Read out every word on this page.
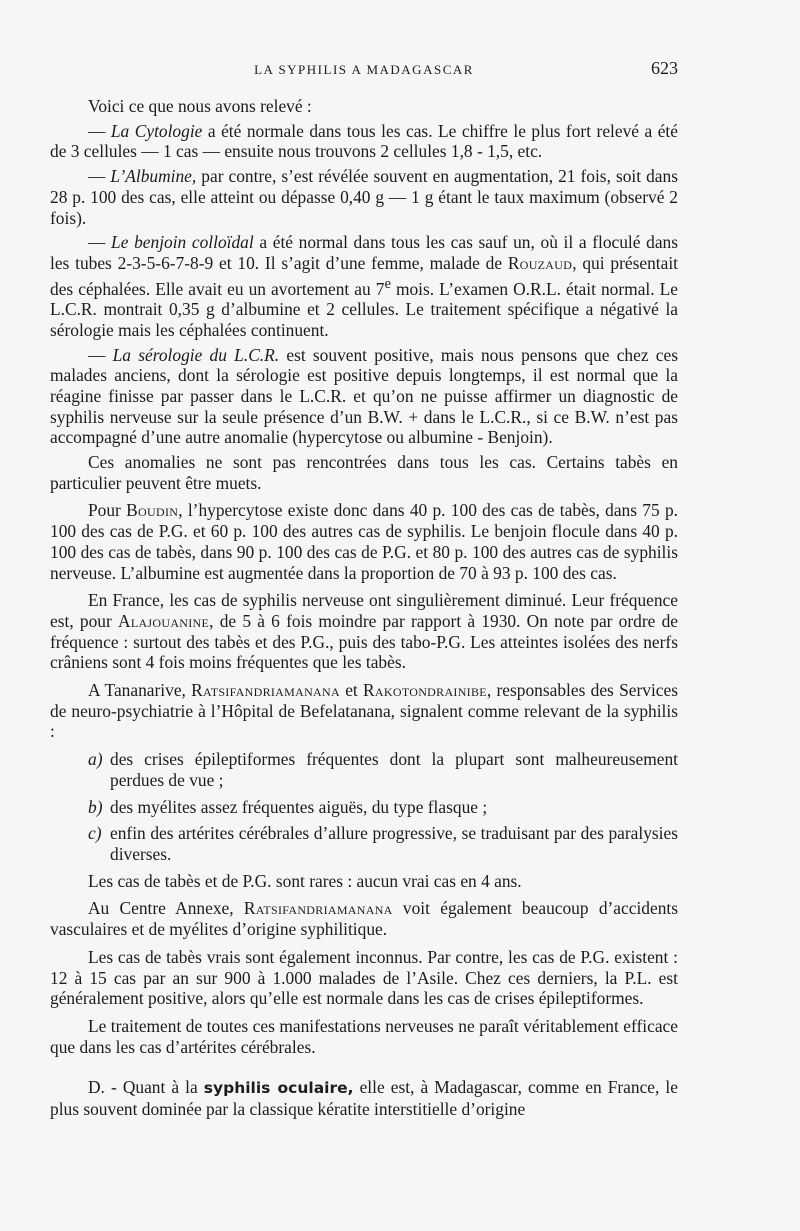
LA SYPHILIS A MADAGASCAR	623

Voici ce que nous avons relevé :

— La Cytologie a été normale dans tous les cas. Le chiffre le plus fort relevé a été de 3 cellules — 1 cas — ensuite nous trouvons 2 cellules 1,8 - 1,5, etc.

— L’Albumine, par contre, s’est révélée souvent en augmentation, 21 fois, soit dans 28 p. 100 des cas, elle atteint ou dépasse 0,40 g — 1 g étant le taux maximum (observé 2 fois).

— Le benjoin colloïdal a été normal dans tous les cas sauf un, où il a floculé dans les tubes 2-3-5-6-7-8-9 et 10. Il s’agit d’une femme, malade de Rouzaud, qui présentait des céphalées. Elle avait eu un avortement au 7e mois. L’examen O.R.L. était normal. Le L.C.R. montrait 0,35 g d’albumine et 2 cellules. Le traitement spécifique a négativé la sérologie mais les céphalées continuent.

— La sérologie du L.C.R. est souvent positive, mais nous pensons que chez ces malades anciens, dont la sérologie est positive depuis longtemps, il est normal que la réagine finisse par passer dans le L.C.R. et qu’on ne puisse affirmer un diagnostic de syphilis nerveuse sur la seule présence d’un B.W. + dans le L.C.R., si ce B.W. n’est pas accompagné d’une autre anomalie (hypercytose ou albumine - Benjoin).

Ces anomalies ne sont pas rencontrées dans tous les cas. Certains tabès en particulier peuvent être muets.

Pour Boudin, l’hypercytose existe donc dans 40 p. 100 des cas de tabès, dans 75 p. 100 des cas de P.G. et 60 p. 100 des autres cas de syphilis. Le benjoin flocule dans 40 p. 100 des cas de tabès, dans 90 p. 100 des cas de P.G. et 80 p. 100 des autres cas de syphilis nerveuse. L’albumine est augmentée dans la proportion de 70 à 93 p. 100 des cas.

En France, les cas de syphilis nerveuse ont singulièrement diminué. Leur fréquence est, pour Alajouanine, de 5 à 6 fois moindre par rapport à 1930. On note par ordre de fréquence : surtout des tabès et des P.G., puis des tabo-P.G. Les atteintes isolées des nerfs crâniens sont 4 fois moins fréquentes que les tabès.

A Tananarive, Ratsifandriamanana et Rakotondrainibe, responsables des Services de neuro-psychiatrie à l’Hôpital de Befelatanana, signalent comme relevant de la syphilis :

a) des crises épileptiformes fréquentes dont la plupart sont malheureusement perdues de vue ;
b) des myélites assez fréquentes aiguës, du type flasque ;
c) enfin des artérites cérébrales d’allure progressive, se traduisant par des paralysies diverses.

Les cas de tabès et de P.G. sont rares : aucun vrai cas en 4 ans.

Au Centre Annexe, Ratsifandriamanana voit également beaucoup d’accidents vasculaires et de myélites d’origine syphilitique.

Les cas de tabès vrais sont également inconnus. Par contre, les cas de P.G. existent : 12 à 15 cas par an sur 900 à 1.000 malades de l’Asile. Chez ces derniers, la P.L. est généralement positive, alors qu’elle est normale dans les cas de crises épileptiformes.

Le traitement de toutes ces manifestations nerveuses ne paraît véritablement efficace que dans les cas d’artérites cérébrales.

D. - Quant à la syphilis oculaire, elle est, à Madagascar, comme en France, le plus souvent dominée par la classique kératite interstitielle d’origine
